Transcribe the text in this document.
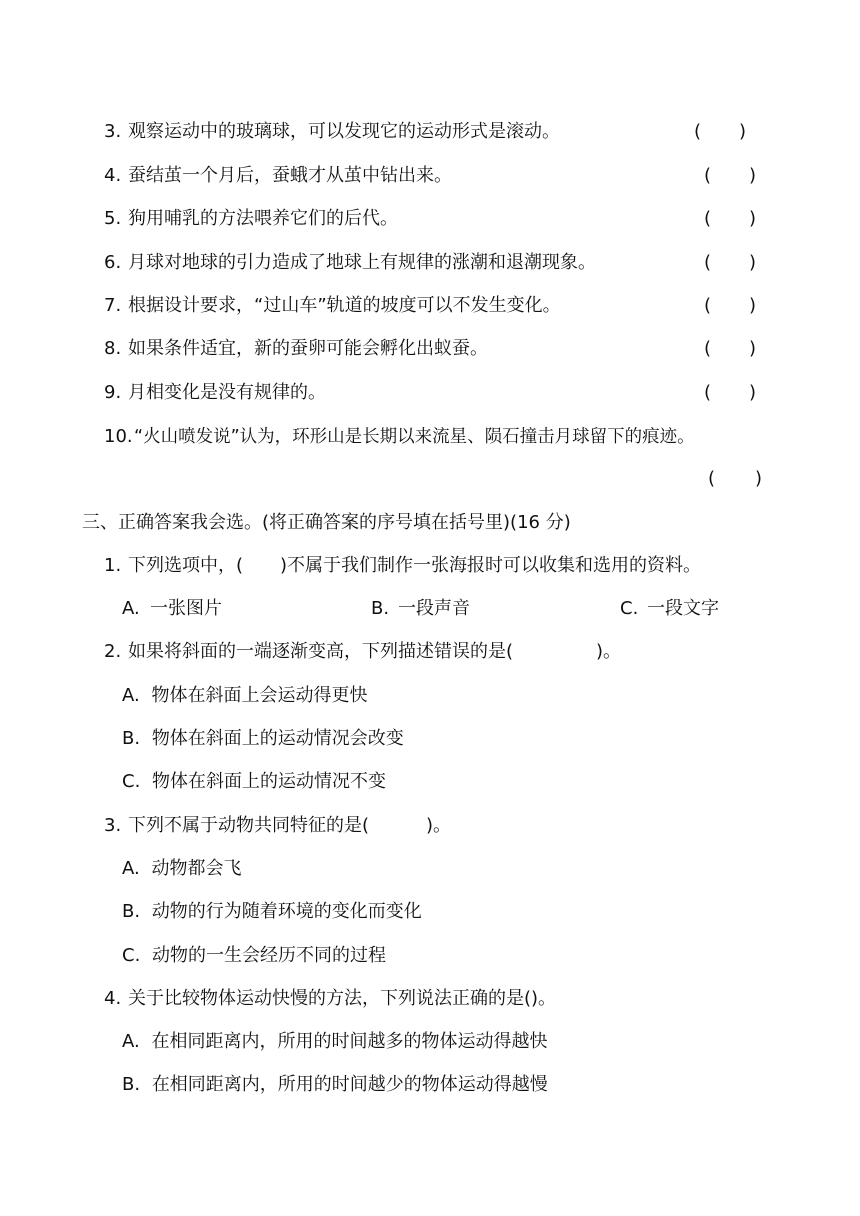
3. 观察运动中的玻璃球，可以发现它的运动形式是滚动。	( )
4. 蚕结茧一个月后，蚕蛾才从茧中钻出来。	( )
5. 狗用哺乳的方法喂养它们的后代。	( )
6. 月球对地球的引力造成了地球上有规律的涨潮和退潮现象。	( )
7. 根据设计要求，“过山车”轨道的坡度可以不发生变化。	( )
8. 如果条件适宜，新的蚕卵可能会孵化出蚁蚕。	( )
9. 月相变化是没有规律的。	( )
10. “火山喷发说”认为，环形山是长期以来流星、陨石撞击月球留下的痕迹。
( )
三、正确答案我会选。(将正确答案的序号填在括号里)(16 分)
1. 下列选项中，( )不属于我们制作一张海报时可以收集和选用的资料。
A. 一张图片	B. 一段声音	C. 一段文字
2. 如果将斜面的一端逐渐变高，下列描述错误的是(	)。
A. 物体在斜面上会运动得更快
B. 物体在斜面上的运动情况会改变
C. 物体在斜面上的运动情况不变
3. 下列不属于动物共同特征的是(	)。
A. 动物都会飞
B. 动物的行为随着环境的变化而变化
C. 动物的一生会经历不同的过程
4. 关于比较物体运动快慢的方法，下列说法正确的是()。
A. 在相同距离内，所用的时间越多的物体运动得越快
B. 在相同距离内，所用的时间越少的物体运动得越慢
